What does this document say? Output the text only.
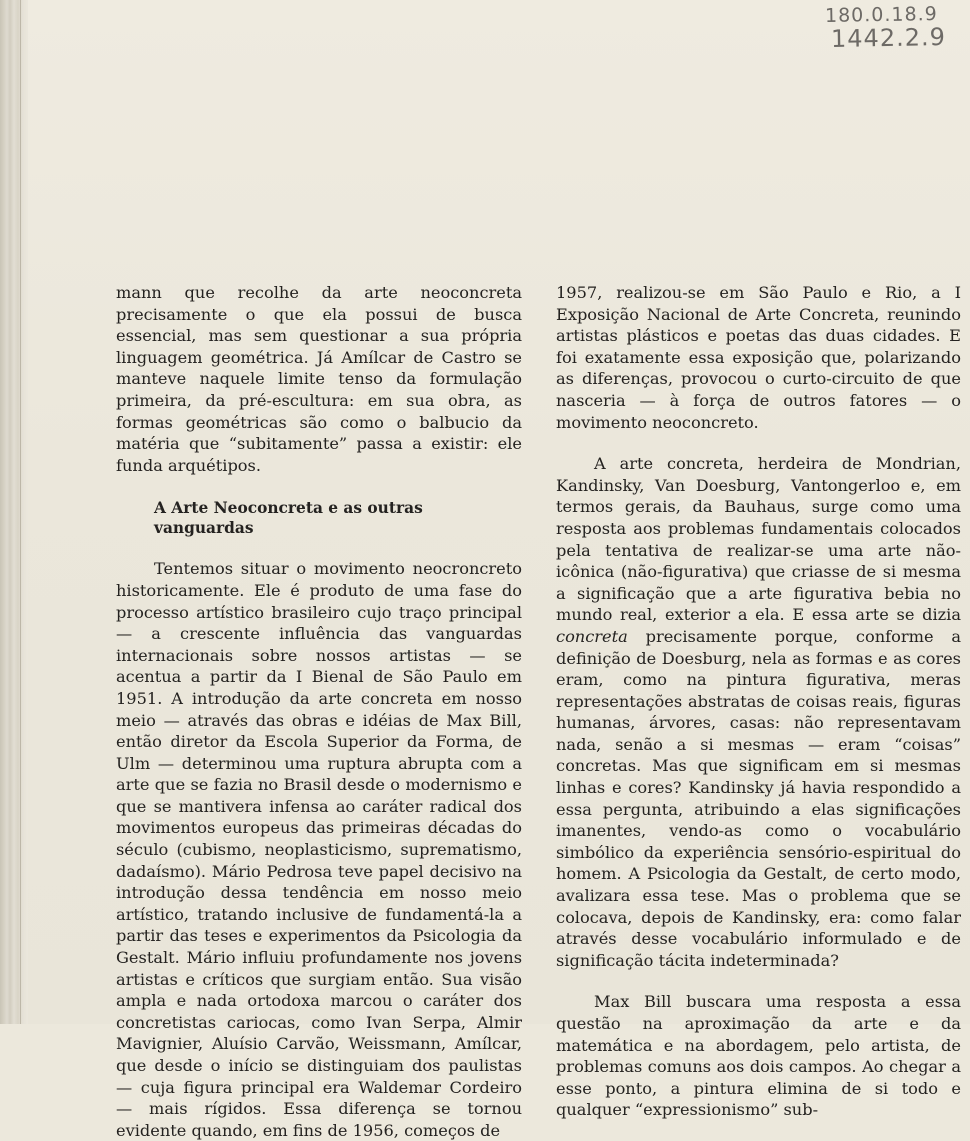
180.0.18.9
1442.2.9

mann que recolhe da arte neoconcreta precisamente o que ela possui de busca essencial, mas sem questionar a sua própria linguagem geométrica. Já Amílcar de Castro se manteve naquele limite tenso da formulação primeira, da pré-escultura: em sua obra, as formas geométricas são como o balbucio da matéria que “subitamente” passa a existir: ele funda arquétipos.

A Arte Neoconcreta e as outras vanguardas

Tentemos situar o movimento neocroncreto historicamente. Ele é produto de uma fase do processo artístico brasileiro cujo traço principal — a crescente influência das vanguardas internacionais sobre nossos artistas — se acentua a partir da I Bienal de São Paulo em 1951. A introdução da arte concreta em nosso meio — através das obras e idéias de Max Bill, então diretor da Escola Superior da Forma, de Ulm — determinou uma ruptura abrupta com a arte que se fazia no Brasil desde o modernismo e que se mantivera infensa ao caráter radical dos movimentos europeus das primeiras décadas do século (cubismo, neoplasticismo, suprematismo, dadaísmo). Mário Pedrosa teve papel decisivo na introdução dessa tendência em nosso meio artístico, tratando inclusive de fundamentá-la a partir das teses e experimentos da Psicologia da Gestalt. Mário influiu profundamente nos jovens artistas e críticos que surgiam então. Sua visão ampla e nada ortodoxa marcou o caráter dos concretistas cariocas, como Ivan Serpa, Almir Mavignier, Aluísio Carvão, Weissmann, Amílcar, que desde o início se distinguiam dos paulistas — cuja figura principal era Waldemar Cordeiro — mais rígidos. Essa diferença se tornou evidente quando, em fins de 1956, começos de

1957, realizou-se em São Paulo e Rio, a I Exposição Nacional de Arte Concreta, reunindo artistas plásticos e poetas das duas cidades. E foi exatamente essa exposição que, polarizando as diferenças, provocou o curto-circuito de que nasceria — à força de outros fatores — o movimento neoconcreto.

A arte concreta, herdeira de Mondrian, Kandinsky, Van Doesburg, Vantongerloo e, em termos gerais, da Bauhaus, surge como uma resposta aos problemas fundamentais colocados pela tentativa de realizar-se uma arte não-icônica (não-figurativa) que criasse de si mesma a significação que a arte figurativa bebia no mundo real, exterior a ela. E essa arte se dizia concreta precisamente porque, conforme a definição de Doesburg, nela as formas e as cores eram, como na pintura figurativa, meras representações abstratas de coisas reais, figuras humanas, árvores, casas: não representavam nada, senão a si mesmas — eram “coisas” concretas. Mas que significam em si mesmas linhas e cores? Kandinsky já havia respondido a essa pergunta, atribuindo a elas significações imanentes, vendo-as como o vocabulário simbólico da experiência sensório-espiritual do homem. A Psicologia da Gestalt, de certo modo, avalizara essa tese. Mas o problema que se colocava, depois de Kandinsky, era: como falar através desse vocabulário informulado e de significação tácita indeterminada?

Max Bill buscara uma resposta a essa questão na aproximação da arte e da matemática e na abordagem, pelo artista, de problemas comuns aos dois campos. Ao chegar a esse ponto, a pintura elimina de si todo e qualquer “expressionismo” sub-
